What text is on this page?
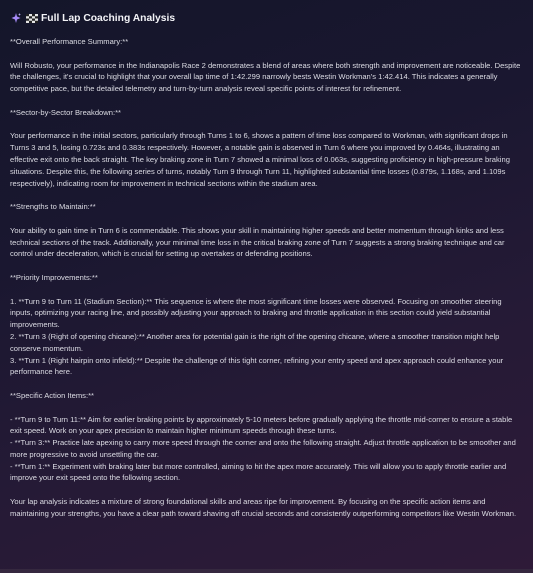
Full Lap Coaching Analysis

**Overall Performance Summary:**

Will Robusto, your performance in the Indianapolis Race 2 demonstrates a blend of areas where both strength and improvement are noticeable. Despite the challenges, it's crucial to highlight that your overall lap time of 1:42.299 narrowly bests Westin Workman's 1:42.414. This indicates a generally competitive pace, but the detailed telemetry and turn-by-turn analysis reveal specific points of interest for refinement.

**Sector-by-Sector Breakdown:**

Your performance in the initial sectors, particularly through Turns 1 to 6, shows a pattern of time loss compared to Workman, with significant drops in Turns 3 and 5, losing 0.723s and 0.383s respectively. However, a notable gain is observed in Turn 6 where you improved by 0.464s, illustrating an effective exit onto the back straight. The key braking zone in Turn 7 showed a minimal loss of 0.063s, suggesting proficiency in high-pressure braking situations. Despite this, the following series of turns, notably Turn 9 through Turn 11, highlighted substantial time losses (0.879s, 1.168s, and 1.109s respectively), indicating room for improvement in technical sections within the stadium area.

**Strengths to Maintain:**

Your ability to gain time in Turn 6 is commendable. This shows your skill in maintaining higher speeds and better momentum through kinks and less technical sections of the track. Additionally, your minimal time loss in the critical braking zone of Turn 7 suggests a strong braking technique and car control under deceleration, which is crucial for setting up overtakes or defending positions.

**Priority Improvements:**

1. **Turn 9 to Turn 11 (Stadium Section):** This sequence is where the most significant time losses were observed. Focusing on smoother steering inputs, optimizing your racing line, and possibly adjusting your approach to braking and throttle application in this section could yield substantial improvements.

2. **Turn 3 (Right of opening chicane):** Another area for potential gain is the right of the opening chicane, where a smoother transition might help conserve momentum.

3. **Turn 1 (Right hairpin onto infield):** Despite the challenge of this tight corner, refining your entry speed and apex approach could enhance your performance here.

**Specific Action Items:**

- **Turn 9 to Turn 11:** Aim for earlier braking points by approximately 5-10 meters before gradually applying the throttle mid-corner to ensure a stable exit speed. Work on your apex precision to maintain higher minimum speeds through these turns.

- **Turn 3:** Practice late apexing to carry more speed through the corner and onto the following straight. Adjust throttle application to be smoother and more progressive to avoid unsettling the car.

- **Turn 1:** Experiment with braking later but more controlled, aiming to hit the apex more accurately. This will allow you to apply throttle earlier and improve your exit speed onto the following section.

Your lap analysis indicates a mixture of strong foundational skills and areas ripe for improvement. By focusing on the specific action items and maintaining your strengths, you have a clear path toward shaving off crucial seconds and consistently outperforming competitors like Westin Workman.
